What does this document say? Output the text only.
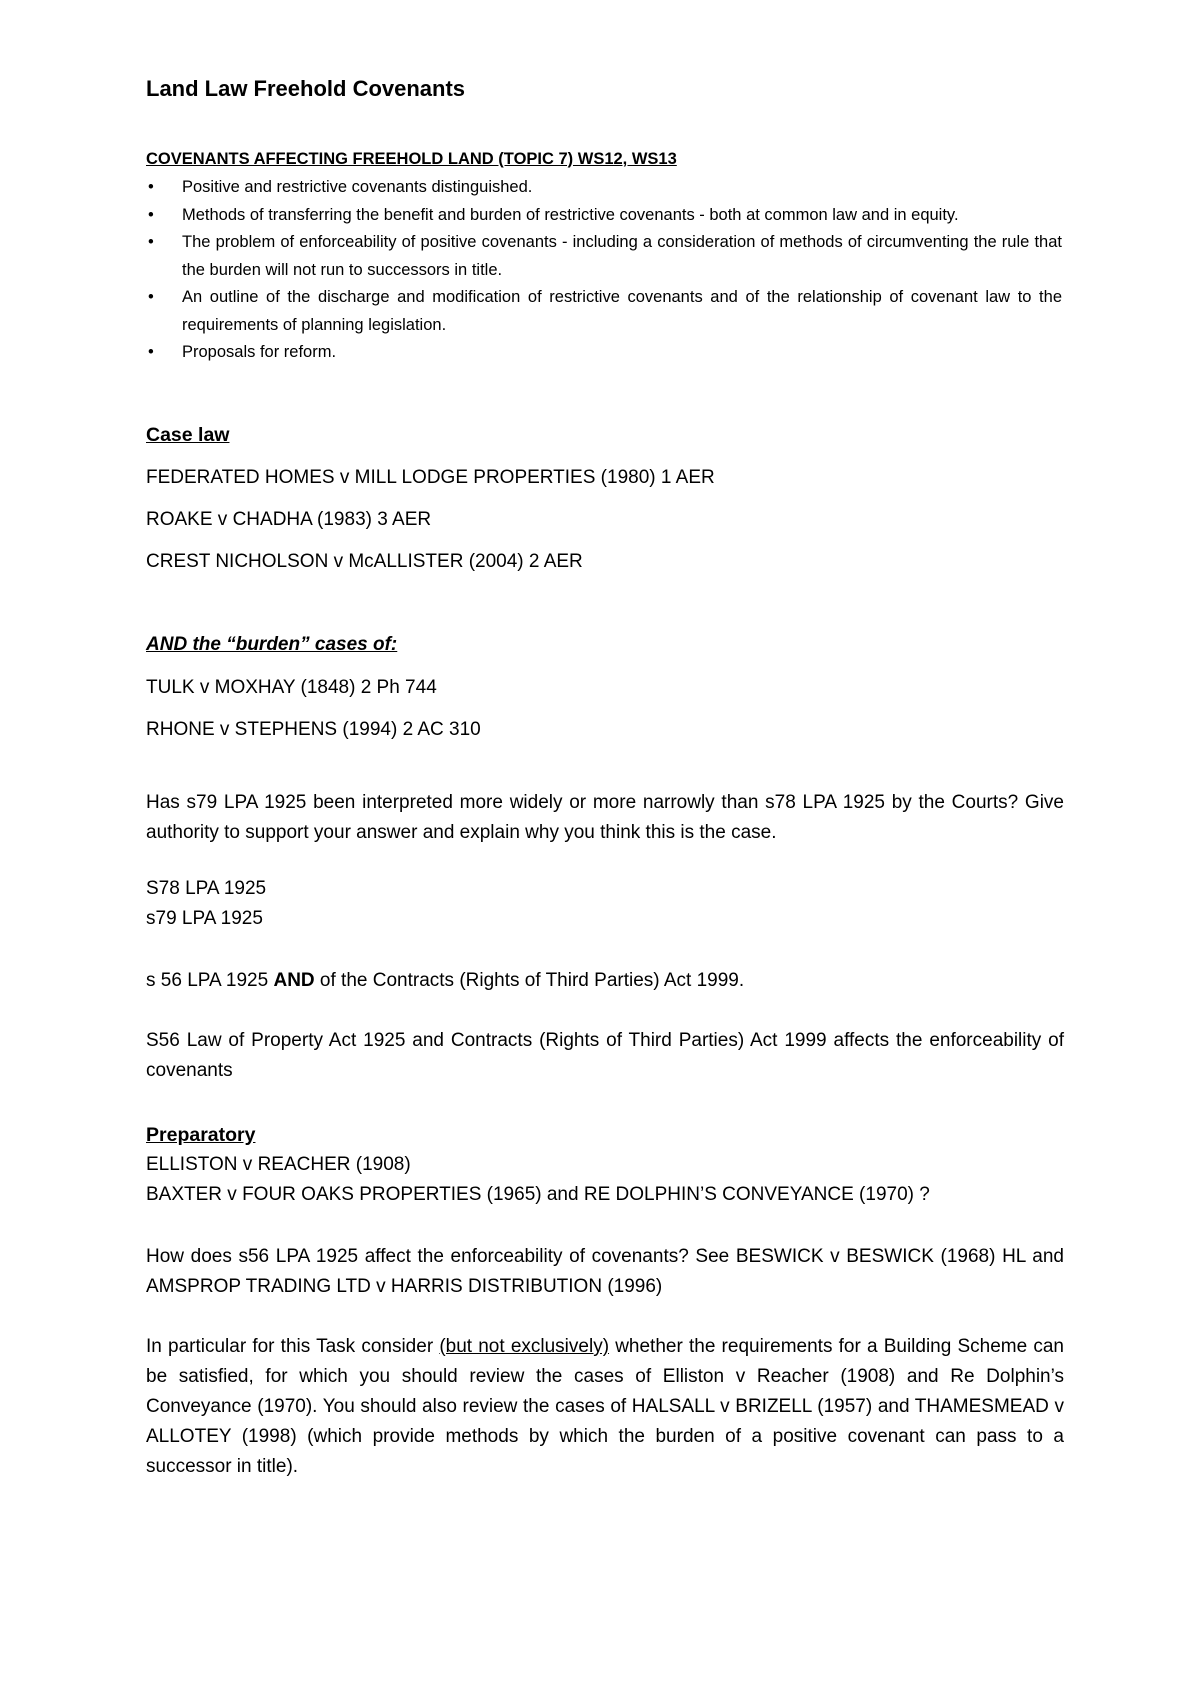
Land Law Freehold Covenants
COVENANTS AFFECTING FREEHOLD LAND (TOPIC 7) WS12, WS13
• Positive and restrictive covenants distinguished.
• Methods of transferring the benefit and burden of restrictive covenants - both at common law and in equity.
• The problem of enforceability of positive covenants - including a consideration of methods of circumventing the rule that the burden will not run to successors in title.
• An outline of the discharge and modification of restrictive covenants and of the relationship of covenant law to the requirements of planning legislation.
• Proposals for reform.
Case law
FEDERATED HOMES v MILL LODGE PROPERTIES (1980) 1 AER
ROAKE v CHADHA (1983) 3 AER
CREST NICHOLSON v McALLISTER (2004) 2 AER
AND the “burden” cases of:
TULK v MOXHAY (1848) 2 Ph 744
RHONE v STEPHENS (1994) 2 AC 310

Has s79 LPA 1925 been interpreted more widely or more narrowly than s78 LPA 1925 by the Courts? Give authority to support your answer and explain why you think this is the case.

S78 LPA 1925
s79 LPA 1925

s 56 LPA 1925 AND of the Contracts (Rights of Third Parties) Act 1999.

S56 Law of Property Act 1925 and Contracts (Rights of Third Parties) Act 1999 affects the enforceability of covenants

Preparatory
ELLISTON v REACHER (1908)
BAXTER v FOUR OAKS PROPERTIES (1965) and RE DOLPHIN’S CONVEYANCE (1970) ?

How does s56 LPA 1925 affect the enforceability of covenants? See BESWICK v BESWICK (1968) HL and AMSPROP TRADING LTD v HARRIS DISTRIBUTION (1996)

In particular for this Task consider (but not exclusively) whether the requirements for a Building Scheme can be satisfied, for which you should review the cases of Elliston v Reacher (1908) and Re Dolphin’s Conveyance (1970). You should also review the cases of HALSALL v BRIZELL (1957) and THAMESMEAD v ALLOTEY (1998) (which provide methods by which the burden of a positive covenant can pass to a successor in title).
